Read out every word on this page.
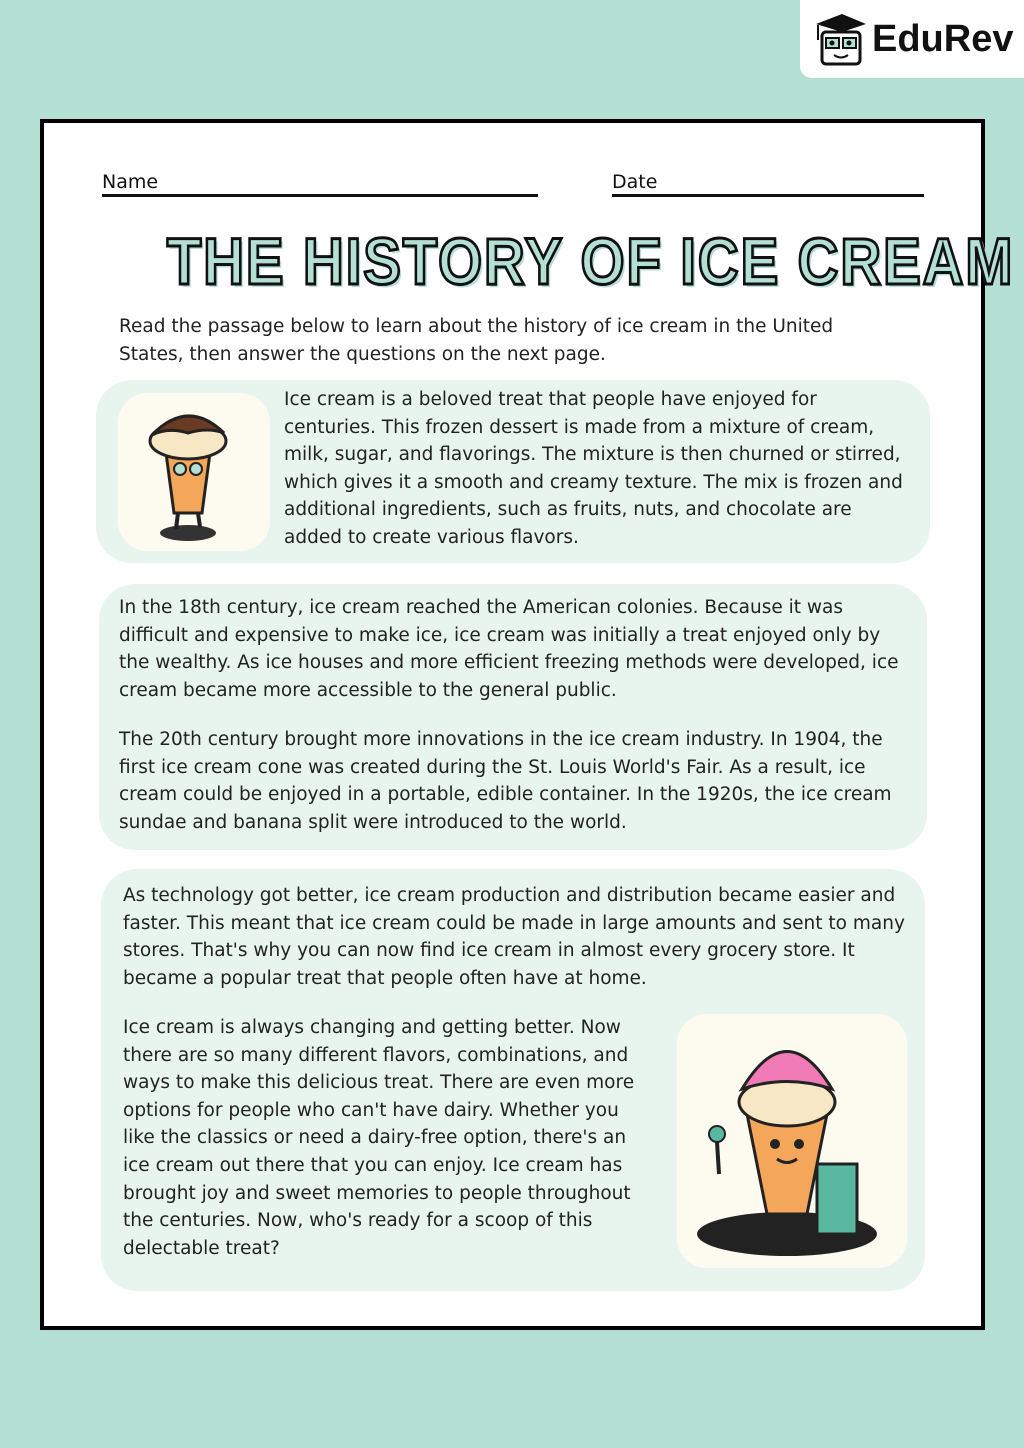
EduRev
Name	Date
THE HISTORY OF ICE CREAM
Read the passage below to learn about the history of ice cream in the United States, then answer the questions on the next page.
Ice cream is a beloved treat that people have enjoyed for centuries. This frozen dessert is made from a mixture of cream, milk, sugar, and flavorings. The mixture is then churned or stirred, which gives it a smooth and creamy texture. The mix is frozen and additional ingredients, such as fruits, nuts, and chocolate are added to create various flavors.
In the 18th century, ice cream reached the American colonies. Because it was difficult and expensive to make ice, ice cream was initially a treat enjoyed only by the wealthy. As ice houses and more efficient freezing methods were developed, ice cream became more accessible to the general public.
The 20th century brought more innovations in the ice cream industry. In 1904, the first ice cream cone was created during the St. Louis World's Fair. As a result, ice cream could be enjoyed in a portable, edible container. In the 1920s, the ice cream sundae and banana split were introduced to the world.
As technology got better, ice cream production and distribution became easier and faster. This meant that ice cream could be made in large amounts and sent to many stores. That's why you can now find ice cream in almost every grocery store. It became a popular treat that people often have at home.
Ice cream is always changing and getting better. Now there are so many different flavors, combinations, and ways to make this delicious treat. There are even more options for people who can't have dairy. Whether you like the classics or need a dairy-free option, there's an ice cream out there that you can enjoy. Ice cream has brought joy and sweet memories to people throughout the centuries. Now, who's ready for a scoop of this delectable treat?
